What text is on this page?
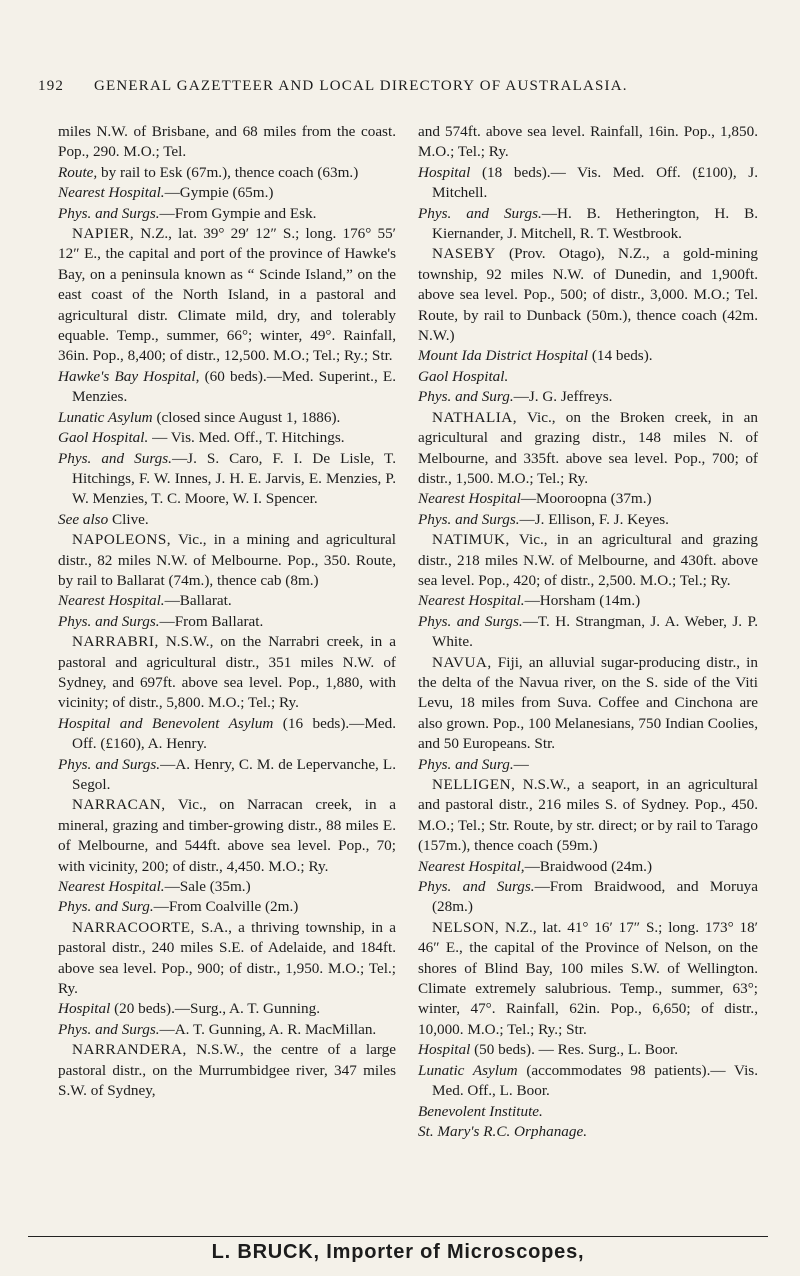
192 GENERAL GAZETTEER AND LOCAL DIRECTORY OF AUSTRALASIA.

miles N.W. of Brisbane, and 68 miles from the coast. Pop., 290. M.O.; Tel.

Route, by rail to Esk (67m.), thence coach (63m.)

Nearest Hospital.—Gympie (65m.)

Phys. and Surgs.—From Gympie and Esk.

NAPIER, N.Z., lat. 39° 29′ 12″ S.; long. 176° 55′ 12″ E., the capital and port of the province of Hawke's Bay, on a peninsula known as “ Scinde Island,” on the east coast of the North Island, in a pastoral and agricultural distr. Climate mild, dry, and tolerably equable. Temp., summer, 66°; winter, 49°. Rainfall, 36in. Pop., 8,400; of distr., 12,500. M.O.; Tel.; Ry.; Str.

Hawke's Bay Hospital, (60 beds).—Med. Superint., E. Menzies.

Lunatic Asylum (closed since August 1, 1886).

Gaol Hospital. — Vis. Med. Off., T. Hitchings.

Phys. and Surgs.—J. S. Caro, F. I. De Lisle, T. Hitchings, F. W. Innes, J. H. E. Jarvis, E. Menzies, P. W. Menzies, T. C. Moore, W. I. Spencer.

See also Clive.

NAPOLEONS, Vic., in a mining and agricultural distr., 82 miles N.W. of Melbourne. Pop., 350. Route, by rail to Ballarat (74m.), thence cab (8m.)

Nearest Hospital.—Ballarat.

Phys. and Surgs.—From Ballarat.

NARRABRI, N.S.W., on the Narrabri creek, in a pastoral and agricultural distr., 351 miles N.W. of Sydney, and 697ft. above sea level. Pop., 1,880, with vicinity; of distr., 5,800. M.O.; Tel.; Ry.

Hospital and Benevolent Asylum (16 beds).—Med. Off. (£160), A. Henry.

Phys. and Surgs.—A. Henry, C. M. de Lepervanche, L. Segol.

NARRACAN, Vic., on Narracan creek, in a mineral, grazing and timber-growing distr., 88 miles E. of Melbourne, and 544ft. above sea level. Pop., 70; with vicinity, 200; of distr., 4,450. M.O.; Ry.

Nearest Hospital.—Sale (35m.)

Phys. and Surg.—From Coalville (2m.)

NARRACOORTE, S.A., a thriving township, in a pastoral distr., 240 miles S.E. of Adelaide, and 184ft. above sea level. Pop., 900; of distr., 1,950. M.O.; Tel.; Ry.

Hospital (20 beds).—Surg., A. T. Gunning.

Phys. and Surgs.—A. T. Gunning, A. R. MacMillan.

NARRANDERA, N.S.W., the centre of a large pastoral distr., on the Murrumbidgee river, 347 miles S.W. of Sydney,

and 574ft. above sea level. Rainfall, 16in. Pop., 1,850. M.O.; Tel.; Ry.

Hospital (18 beds).— Vis. Med. Off. (£100), J. Mitchell.

Phys. and Surgs.—H. B. Hetherington, H. B. Kiernander, J. Mitchell, R. T. Westbrook.

NASEBY (Prov. Otago), N.Z., a gold-mining township, 92 miles N.W. of Dunedin, and 1,900ft. above sea level. Pop., 500; of distr., 3,000. M.O.; Tel. Route, by rail to Dunback (50m.), thence coach (42m. N.W.)

Mount Ida District Hospital (14 beds).

Gaol Hospital.

Phys. and Surg.—J. G. Jeffreys.

NATHALIA, Vic., on the Broken creek, in an agricultural and grazing distr., 148 miles N. of Melbourne, and 335ft. above sea level. Pop., 700; of distr., 1,500. M.O.; Tel.; Ry.

Nearest Hospital—Mooroopna (37m.)

Phys. and Surgs.—J. Ellison, F. J. Keyes.

NATIMUK, Vic., in an agricultural and grazing distr., 218 miles N.W. of Melbourne, and 430ft. above sea level. Pop., 420; of distr., 2,500. M.O.; Tel.; Ry.

Nearest Hospital.—Horsham (14m.)

Phys. and Surgs.—T. H. Strangman, J. A. Weber, J. P. White.

NAVUA, Fiji, an alluvial sugar-producing distr., in the delta of the Navua river, on the S. side of the Viti Levu, 18 miles from Suva. Coffee and Cinchona are also grown. Pop., 100 Melanesians, 750 Indian Coolies, and 50 Europeans. Str.

Phys. and Surg.—

NELLIGEN, N.S.W., a seaport, in an agricultural and pastoral distr., 216 miles S. of Sydney. Pop., 450. M.O.; Tel.; Str. Route, by str. direct; or by rail to Tarago (157m.), thence coach (59m.)

Nearest Hospital,—Braidwood (24m.)

Phys. and Surgs.—From Braidwood, and Moruya (28m.)

NELSON, N.Z., lat. 41° 16′ 17″ S.; long. 173° 18′ 46″ E., the capital of the Province of Nelson, on the shores of Blind Bay, 100 miles S.W. of Wellington. Climate extremely salubrious. Temp., summer, 63°; winter, 47°. Rainfall, 62in. Pop., 6,650; of distr., 10,000. M.O.; Tel.; Ry.; Str.

Hospital (50 beds). — Res. Surg., L. Boor.

Lunatic Asylum (accommodates 98 patients).— Vis. Med. Off., L. Boor.

Benevolent Institute.

St. Mary's R.C. Orphanage.

L. BRUCK, Importer of Microscopes,
